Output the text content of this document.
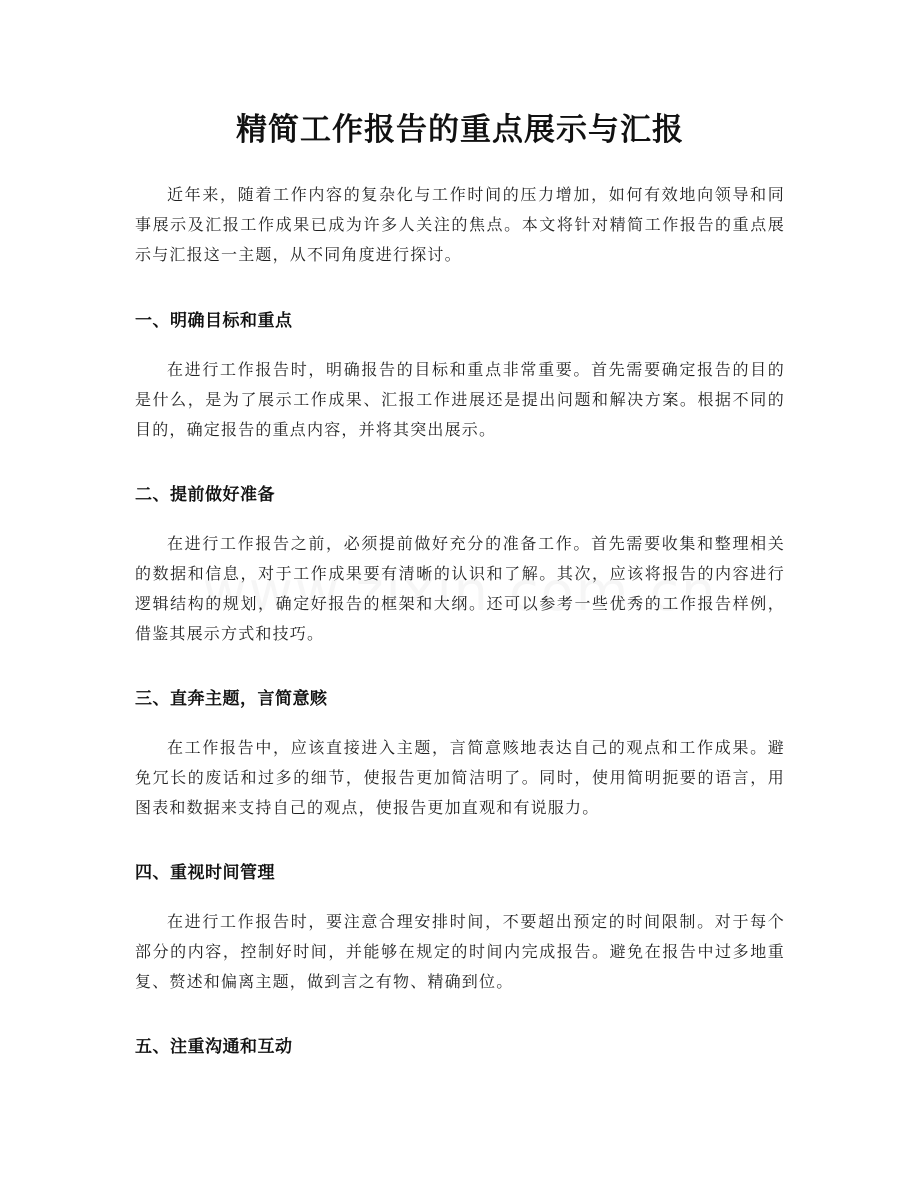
精简工作报告的重点展示与汇报

近年来，随着工作内容的复杂化与工作时间的压力增加，如何有效地向领导和同事展示及汇报工作成果已成为许多人关注的焦点。本文将针对精简工作报告的重点展示与汇报这一主题，从不同角度进行探讨。

一、明确目标和重点

在进行工作报告时，明确报告的目标和重点非常重要。首先需要确定报告的目的是什么，是为了展示工作成果、汇报工作进展还是提出问题和解决方案。根据不同的目的，确定报告的重点内容，并将其突出展示。

二、提前做好准备

在进行工作报告之前，必须提前做好充分的准备工作。首先需要收集和整理相关的数据和信息，对于工作成果要有清晰的认识和了解。其次，应该将报告的内容进行逻辑结构的规划，确定好报告的框架和大纲。还可以参考一些优秀的工作报告样例，借鉴其展示方式和技巧。

三、直奔主题，言简意赅

在工作报告中，应该直接进入主题，言简意赅地表达自己的观点和工作成果。避免冗长的废话和过多的细节，使报告更加简洁明了。同时，使用简明扼要的语言，用图表和数据来支持自己的观点，使报告更加直观和有说服力。

四、重视时间管理

在进行工作报告时，要注意合理安排时间，不要超出预定的时间限制。对于每个部分的内容，控制好时间，并能够在规定的时间内完成报告。避免在报告中过多地重复、赘述和偏离主题，做到言之有物、精确到位。

五、注重沟通和互动
